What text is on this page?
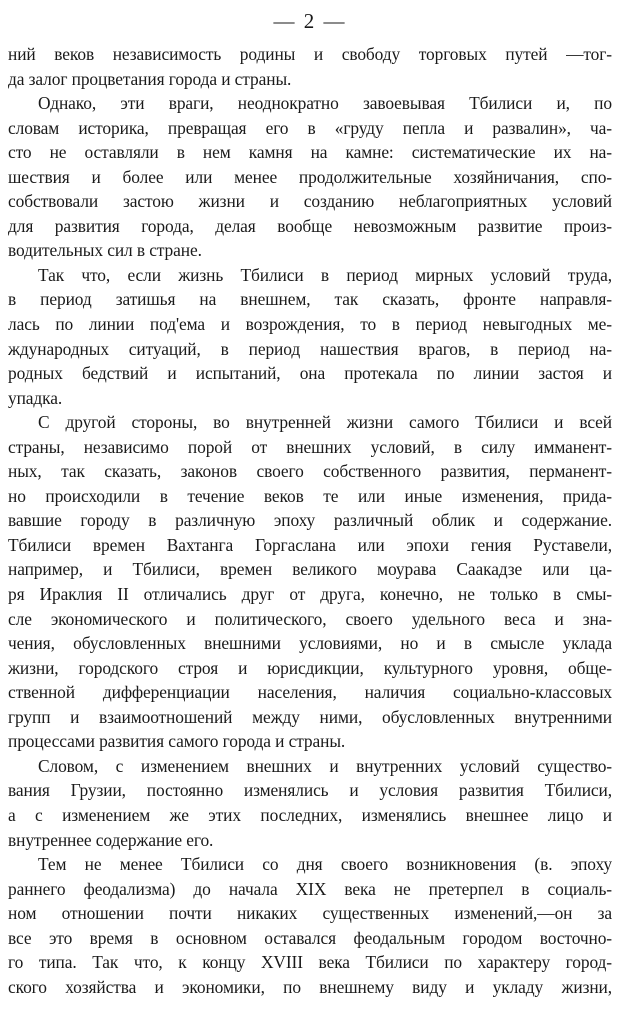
— 2 —
ний веков независимость родины и свободу торговых путей —тог-
да залог процветания города и страны.
Однако, эти враги, неоднократно завоевывая Тбилиси и, по
словам историка, превращая его в «груду пепла и развалин», ча-
сто не оставляли в нем камня на камне: систематические их на-
шествия и более или менее продолжительные хозяйничания, спо-
собствовали застою жизни и созданию неблагоприятных условий
для развития города, делая вообще невозможным развитие произ-
водительных сил в стране.
Так что, если жизнь Тбилиси в период мирных условий труда,
в период затишья на внешнем, так сказать, фронте направля-
лась по линии под'ема и возрождения, то в период невыгодных ме-
ждународных ситуаций, в период нашествия врагов, в период на-
родных бедствий и испытаний, она протекала по линии застоя и
упадка.
С другой стороны, во внутренней жизни самого Тбилиси и всей
страны, независимо порой от внешних условий, в силу имманент-
ных, так сказать, законов своего собственного развития, перманент-
но происходили в течение веков те или иные изменения, прида-
вавшие городу в различную эпоху различный облик и содержание.
Тбилиси времен Вахтанга Горгаслана или эпохи гения Руставели,
например, и Тбилиси, времен великого моурава Саакадзе или ца-
ря Ираклия II отличались друг от друга, конечно, не только в смы-
сле экономического и политического, своего удельного веса и зна-
чения, обусловленных внешними условиями, но и в смысле уклада
жизни, городского строя и юрисдикции, культурного уровня, обще-
ственной дифференциации населения, наличия социально-классовых
групп и взаимоотношений между ними, обусловленных внутренними
процессами развития самого города и страны.
Словом, с изменением внешних и внутренних условий существо-
вания Грузии, постоянно изменялись и условия развития Тбилиси,
а с изменением же этих последних, изменялись внешнее лицо и
внутреннее содержание его.
Тем не менее Тбилиси со дня своего возникновения (в. эпоху
раннего феодализма) до начала XIX века не претерпел в социаль-
ном отношении почти никаких существенных изменений,—он за
все это время в основном оставался феодальным городом восточно-
го типа. Так что, к концу XVIII века Тбилиси по характеру город-
ского хозяйства и экономики, по внешнему виду и укладу жизни,
